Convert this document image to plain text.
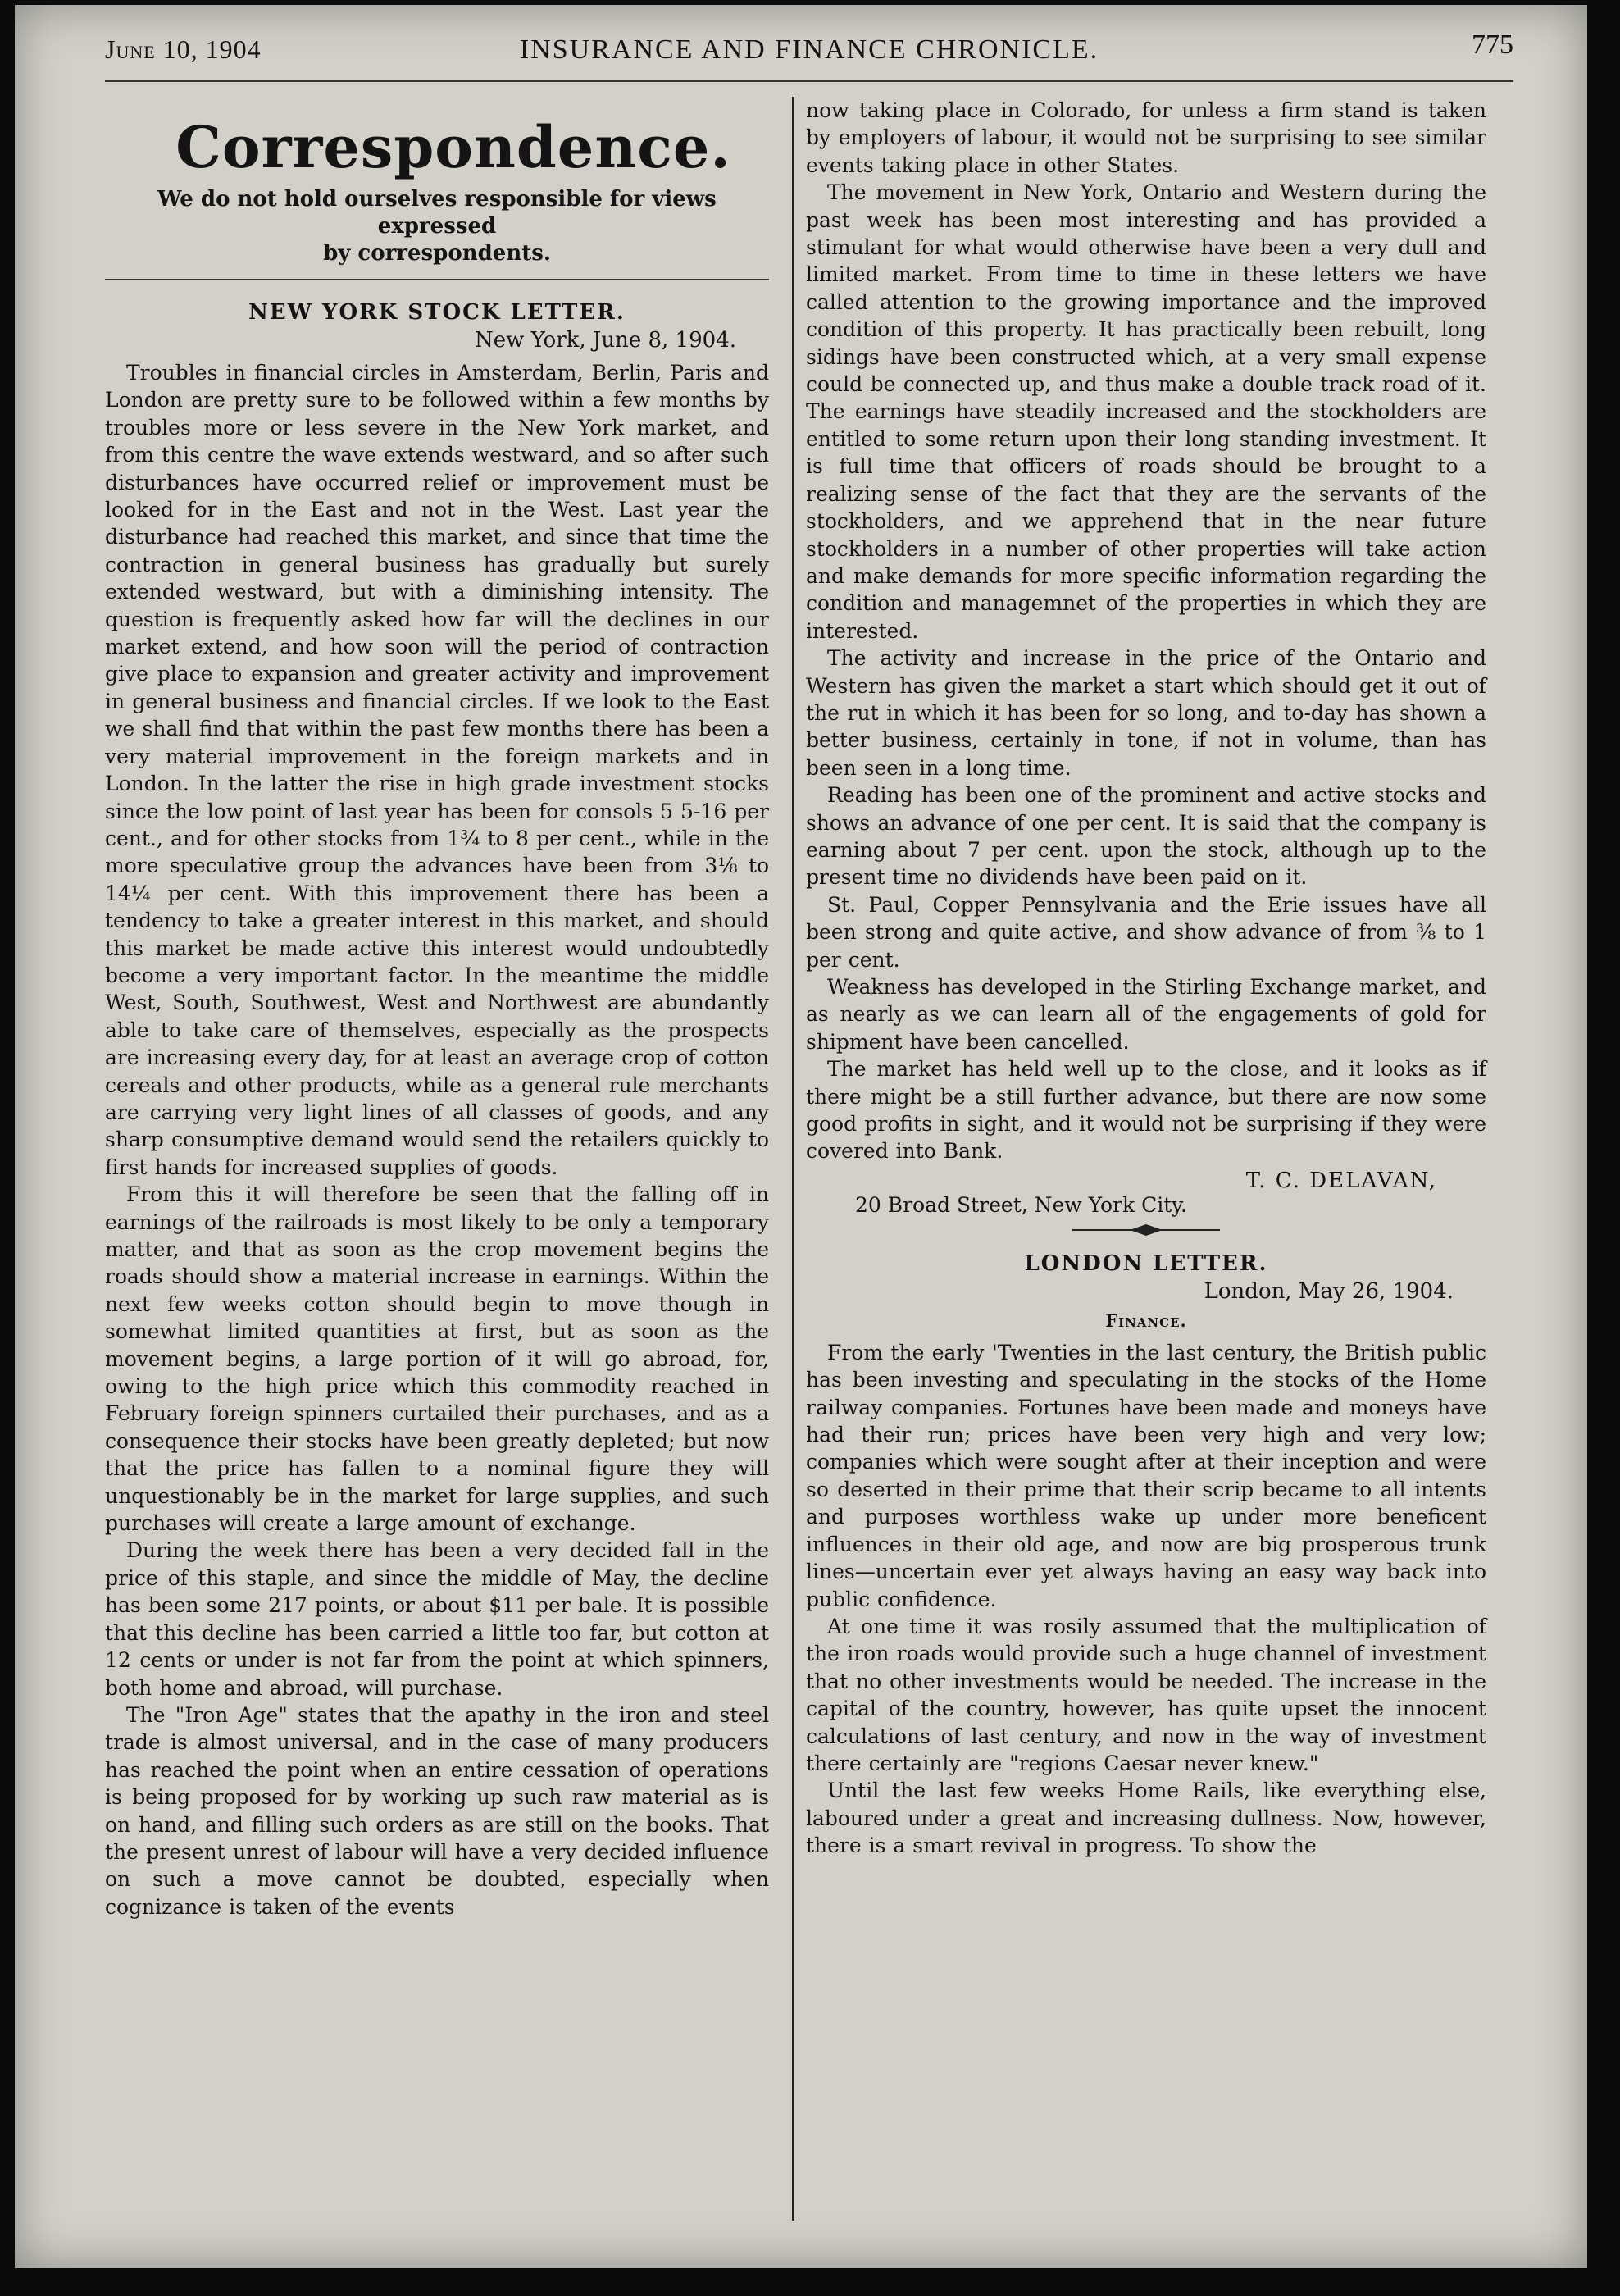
June 10, 1904	INSURANCE AND FINANCE CHRONICLE.	775
Correspondence.
We do not hold ourselves responsible for views expressed
by correspondents.
NEW YORK STOCK LETTER.
New York, June 8, 1904.

Troubles in financial circles in Amsterdam, Berlin, Paris and London are pretty sure to be followed within a few months by troubles more or less severe in the New York market, and from this centre the wave extends westward, and so after such disturbances have occurred relief or improvement must be looked for in the East and not in the West. Last year the disturbance had reached this market, and since that time the contraction in general business has gradually but surely extended westward, but with a diminishing intensity. The question is frequently asked how far will the declines in our market extend, and how soon will the period of contraction give place to expansion and greater activity and improvement in general business and financial circles. If we look to the East we shall find that within the past few months there has been a very material improvement in the foreign markets and in London. In the latter the rise in high grade investment stocks since the low point of last year has been for consols 5 5-16 per cent., and for other stocks from 1¾ to 8 per cent., while in the more speculative group the advances have been from 3⅛ to 14¼ per cent. With this improvement there has been a tendency to take a greater interest in this market, and should this market be made active this interest would undoubtedly become a very important factor. In the meantime the middle West, South, Southwest, West and Northwest are abundantly able to take care of themselves, especially as the prospects are increasing every day, for at least an average crop of cotton cereals and other products, while as a general rule merchants are carrying very light lines of all classes of goods, and any sharp consumptive demand would send the retailers quickly to first hands for increased supplies of goods.

From this it will therefore be seen that the falling off in earnings of the railroads is most likely to be only a temporary matter, and that as soon as the crop movement begins the roads should show a material increase in earnings. Within the next few weeks cotton should begin to move though in somewhat limited quantities at first, but as soon as the movement begins, a large portion of it will go abroad, for, owing to the high price which this commodity reached in February foreign spinners curtailed their purchases, and as a consequence their stocks have been greatly depleted; but now that the price has fallen to a nominal figure they will unquestionably be in the market for large supplies, and such purchases will create a large amount of exchange.

During the week there has been a very decided fall in the price of this staple, and since the middle of May, the decline has been some 217 points, or about $11 per bale. It is possible that this decline has been carried a little too far, but cotton at 12 cents or under is not far from the point at which spinners, both home and abroad, will purchase.

The "Iron Age" states that the apathy in the iron and steel trade is almost universal, and in the case of many producers has reached the point when an entire cessation of operations is being proposed for by working up such raw material as is on hand, and filling such orders as are still on the books. That the present unrest of labour will have a very decided influence on such a move cannot be doubted, especially when cognizance is taken of the events

now taking place in Colorado, for unless a firm stand is taken by employers of labour, it would not be surprising to see similar events taking place in other States.

The movement in New York, Ontario and Western during the past week has been most interesting and has provided a stimulant for what would otherwise have been a very dull and limited market. From time to time in these letters we have called attention to the growing importance and the improved condition of this property. It has practically been rebuilt, long sidings have been constructed which, at a very small expense could be connected up, and thus make a double track road of it. The earnings have steadily increased and the stockholders are entitled to some return upon their long standing investment. It is full time that officers of roads should be brought to a realizing sense of the fact that they are the servants of the stockholders, and we apprehend that in the near future stockholders in a number of other properties will take action and make demands for more specific information regarding the condition and managemnet of the properties in which they are interested.

The activity and increase in the price of the Ontario and Western has given the market a start which should get it out of the rut in which it has been for so long, and to-day has shown a better business, certainly in tone, if not in volume, than has been seen in a long time.

Reading has been one of the prominent and active stocks and shows an advance of one per cent. It is said that the company is earning about 7 per cent. upon the stock, although up to the present time no dividends have been paid on it.

St. Paul, Copper Pennsylvania and the Erie issues have all been strong and quite active, and show advance of from ⅜ to 1 per cent.

Weakness has developed in the Stirling Exchange market, and as nearly as we can learn all of the engagements of gold for shipment have been cancelled.

The market has held well up to the close, and it looks as if there might be a still further advance, but there are now some good profits in sight, and it would not be surprising if they were covered into Bank.

T. C. DELAVAN,
20 Broad Street, New York City.
LONDON LETTER.
London, May 26, 1904.
Finance.

From the early 'Twenties in the last century, the British public has been investing and speculating in the stocks of the Home railway companies. Fortunes have been made and moneys have had their run; prices have been very high and very low; companies which were sought after at their inception and were so deserted in their prime that their scrip became to all intents and purposes worthless wake up under more beneficent influences in their old age, and now are big prosperous trunk lines—uncertain ever yet always having an easy way back into public confidence.

At one time it was rosily assumed that the multiplication of the iron roads would provide such a huge channel of investment that no other investments would be needed. The increase in the capital of the country, however, has quite upset the innocent calculations of last century, and now in the way of investment there certainly are "regions Caesar never knew."

Until the last few weeks Home Rails, like everything else, laboured under a great and increasing dullness. Now, however, there is a smart revival in progress. To show the
